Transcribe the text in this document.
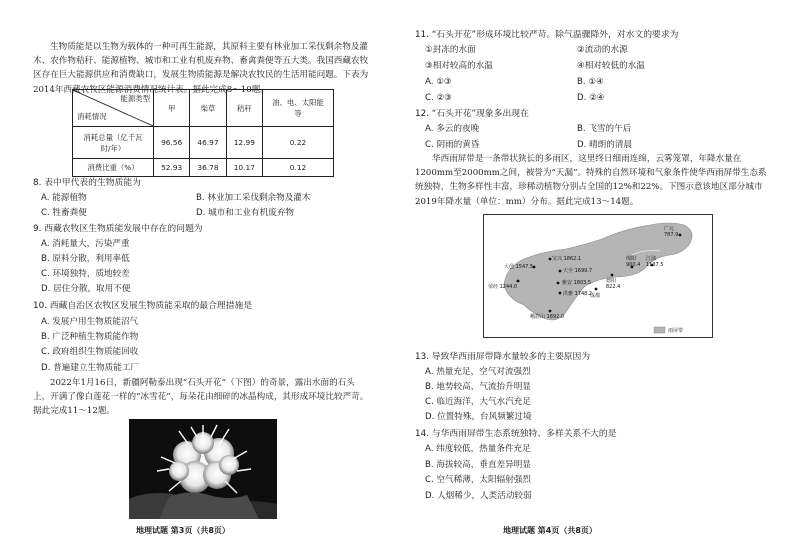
生物质能是以生物为载体的一种可再生能源，其原料主要有林业加工采伐剩余物及灌木、农作物秸秆、能源植物、城市和工业有机废弃物、畜禽粪便等五大类。我国西藏农牧区存在巨大能源供应和消费缺口，发展生物质能源是解决农牧民的生活用能问题。下表为2014年西藏农牧区能源消费情况统计表。据此完成8～10题。
能源类型
消耗情况	甲	柴草	秸秆	油、电、太阳能等
消耗总量（亿千瓦时/年）	96.56	46.97	12.99	0.22
消费比重（%）	52.93	36.78	10.17	0.12
8. 表中甲代表的生物质能为
A. 能源植物	B. 林业加工采伐剩余物及灌木
C. 牲畜粪便	D. 城市和工业有机废弃物
9. 西藏农牧区生物质能发展中存在的问题为
A. 消耗量大，污染严重
B. 原料分散，利用率低
C. 环境独特，质地较差
D. 居住分散，取用不便
10. 西藏自治区农牧区发展生物质能采取的最合理措施是
A. 发展户用生物质能沼气
B. 广泛种植生物质能作物
C. 政府组织生物质能回收
D. 普遍建立生物质能工厂
2022年1月16日，新疆阿勒泰出现“石头开花”（下图）的奇景，露出水面的石头上，开满了像白莲花一样的“冰雪花”，每朵花由细碎的冰晶构成，其形成环境比较严苛。据此完成11～12题。
地理试题 第3页（共8页）
11. “石头开花”形成环境比较严苛。除气温骤降外，对水文的要求为
①封冻的水面	②流动的水源
③相对较高的水温	④相对较低的水温
A. ①③	B. ①④
C. ②③	D. ②④
12. “石头开花”现象多出现在
A. 多云的夜晚	B. 飞雪的午后
C. 阴雨的黄昏	D. 晴朗的清晨
华西雨屏带是一条带状狭长的多雨区，这里终日细雨连绵，云雾笼罩，年降水量在1200mm至2000mm之间，被誉为“天漏”。特殊的自然环境和气象条件使华西雨屏带生态系统独特，生物多样性丰富，珍稀动植物分别占全国的12%和22%。下图示意该地区部分城市2019年降水量（单位：mm）分布。据此完成13～14题。
广元
787.9
宝兴 1862.1
大邑 1547.5
天全 1699.7
雅安 1803.5
荥经 1244.0
洪雅 1748.2
峨眉山 1892.0
成都
德阳
822.4
绵阳
900.4
江油
1137.5
雨屏带
13. 导致华西雨屏带降水量较多的主要原因为
A. 热量充足，空气对流强烈
B. 地势较高，气流抬升明显
C. 临近海洋，大气水汽充足
D. 位置特殊，台风频繁过境
14. 与华西雨屏带生态系统独特、多样关系不大的是
A. 纬度较低，热量条件充足
B. 海拔较高，垂直差异明显
C. 空气稀薄，太阳辐射强烈
D. 人烟稀少，人类活动较弱
地理试题 第4页（共8页）
